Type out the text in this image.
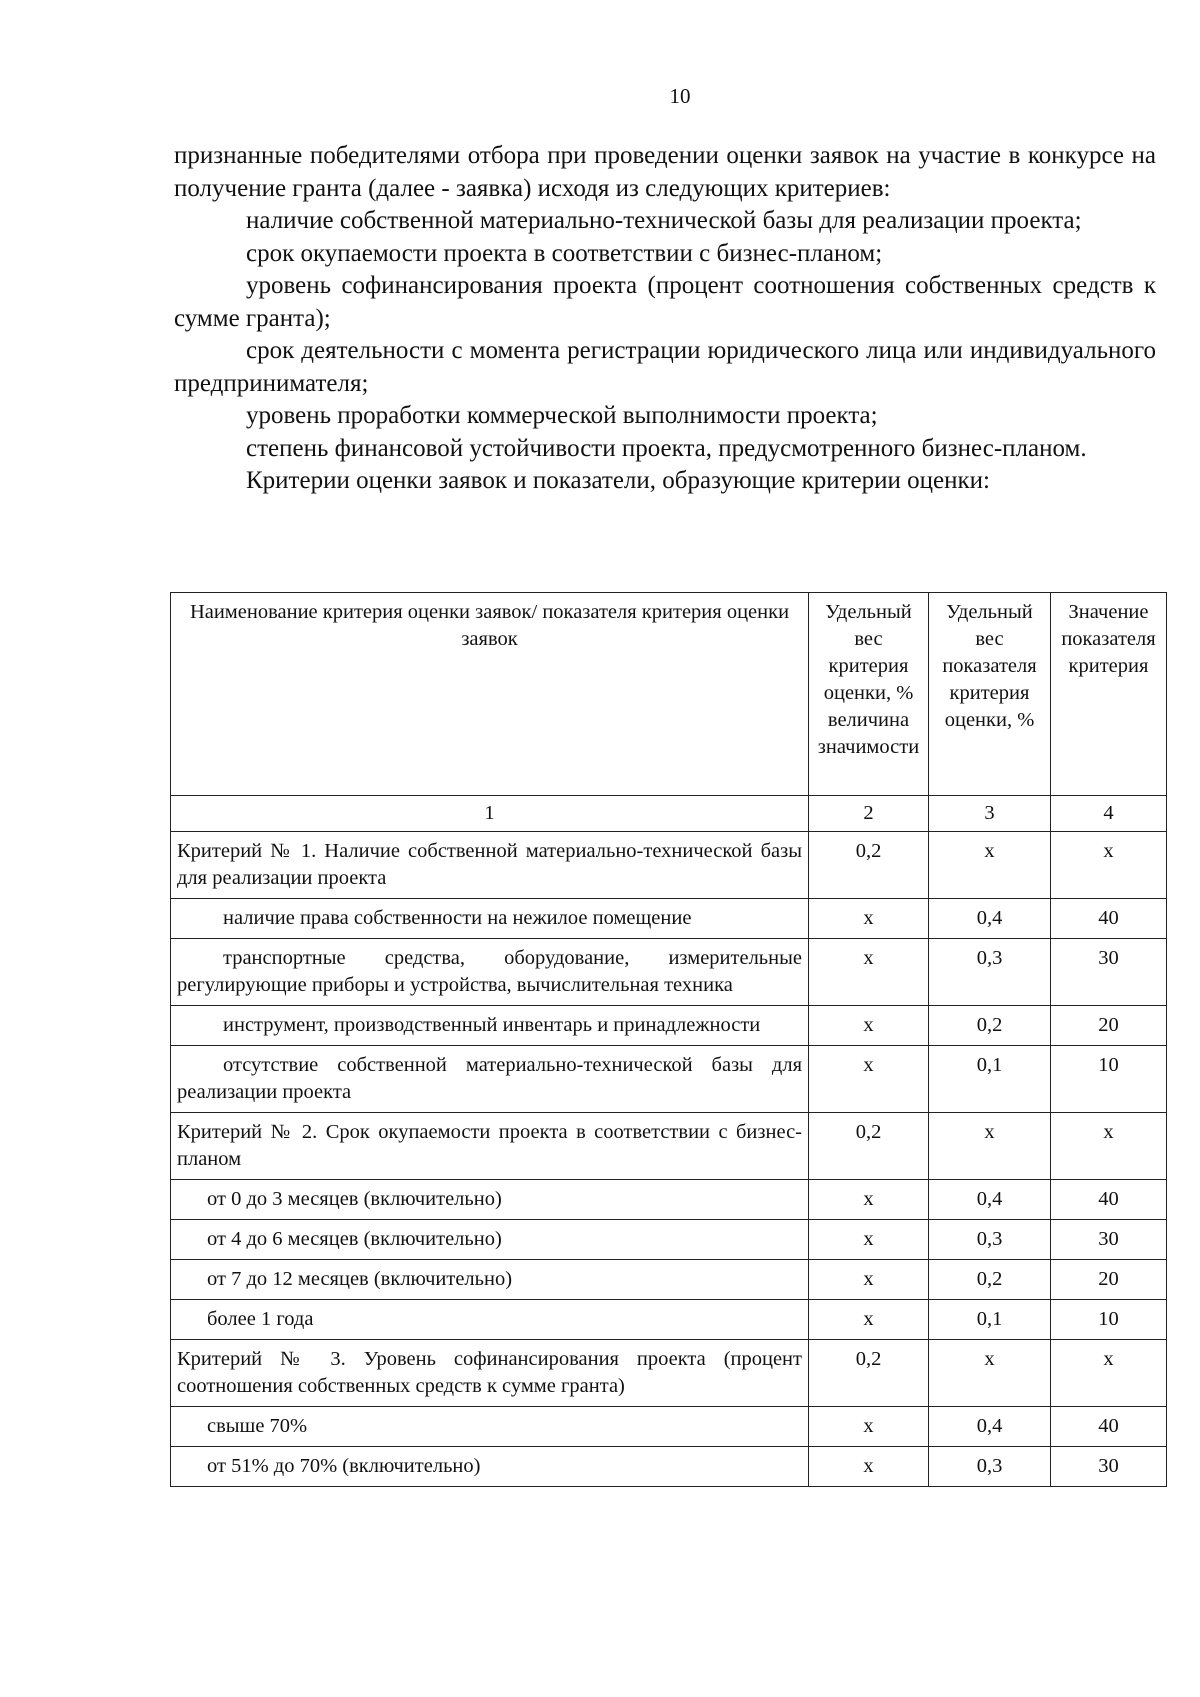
10

признанные победителями отбора при проведении оценки заявок на участие в конкурсе на получение гранта (далее - заявка) исходя из следующих критериев:

наличие собственной материально-технической базы для реализации проекта;

срок окупаемости проекта в соответствии с бизнес-планом;

уровень софинансирования проекта (процент соотношения собственных средств к сумме гранта);

срок деятельности с момента регистрации юридического лица или индивидуального предпринимателя;

уровень проработки коммерческой выполнимости проекта;

степень финансовой устойчивости проекта, предусмотренного бизнес-планом.

Критерии оценки заявок и показатели, образующие критерии оценки:

Наименование критерия оценки заявок/ показателя критерия оценки заявок	Удельный вес критерия оценки, % величина значимости	Удельный вес показателя критерия оценки, %	Значение показателя критерия
1	2	3	4
Критерий № 1. Наличие собственной материально-технической базы для реализации проекта	0,2	х	х
наличие права собственности на нежилое помещение	х	0,4	40
транспортные средства, оборудование, измерительные регулирующие приборы и устройства, вычислительная техника	х	0,3	30
инструмент, производственный инвентарь и принадлежности	х	0,2	20
отсутствие собственной материально-технической базы для реализации проекта	х	0,1	10
Критерий № 2. Срок окупаемости проекта в соответствии с бизнес-планом	0,2	х	х
от 0 до 3 месяцев (включительно)	х	0,4	40
от 4 до 6 месяцев (включительно)	х	0,3	30
от 7 до 12 месяцев (включительно)	х	0,2	20
более 1 года	х	0,1	10
Критерий № 3. Уровень софинансирования проекта (процент соотношения собственных средств к сумме гранта)	0,2	х	х
свыше 70%	х	0,4	40
от 51% до 70% (включительно)	х	0,3	30
